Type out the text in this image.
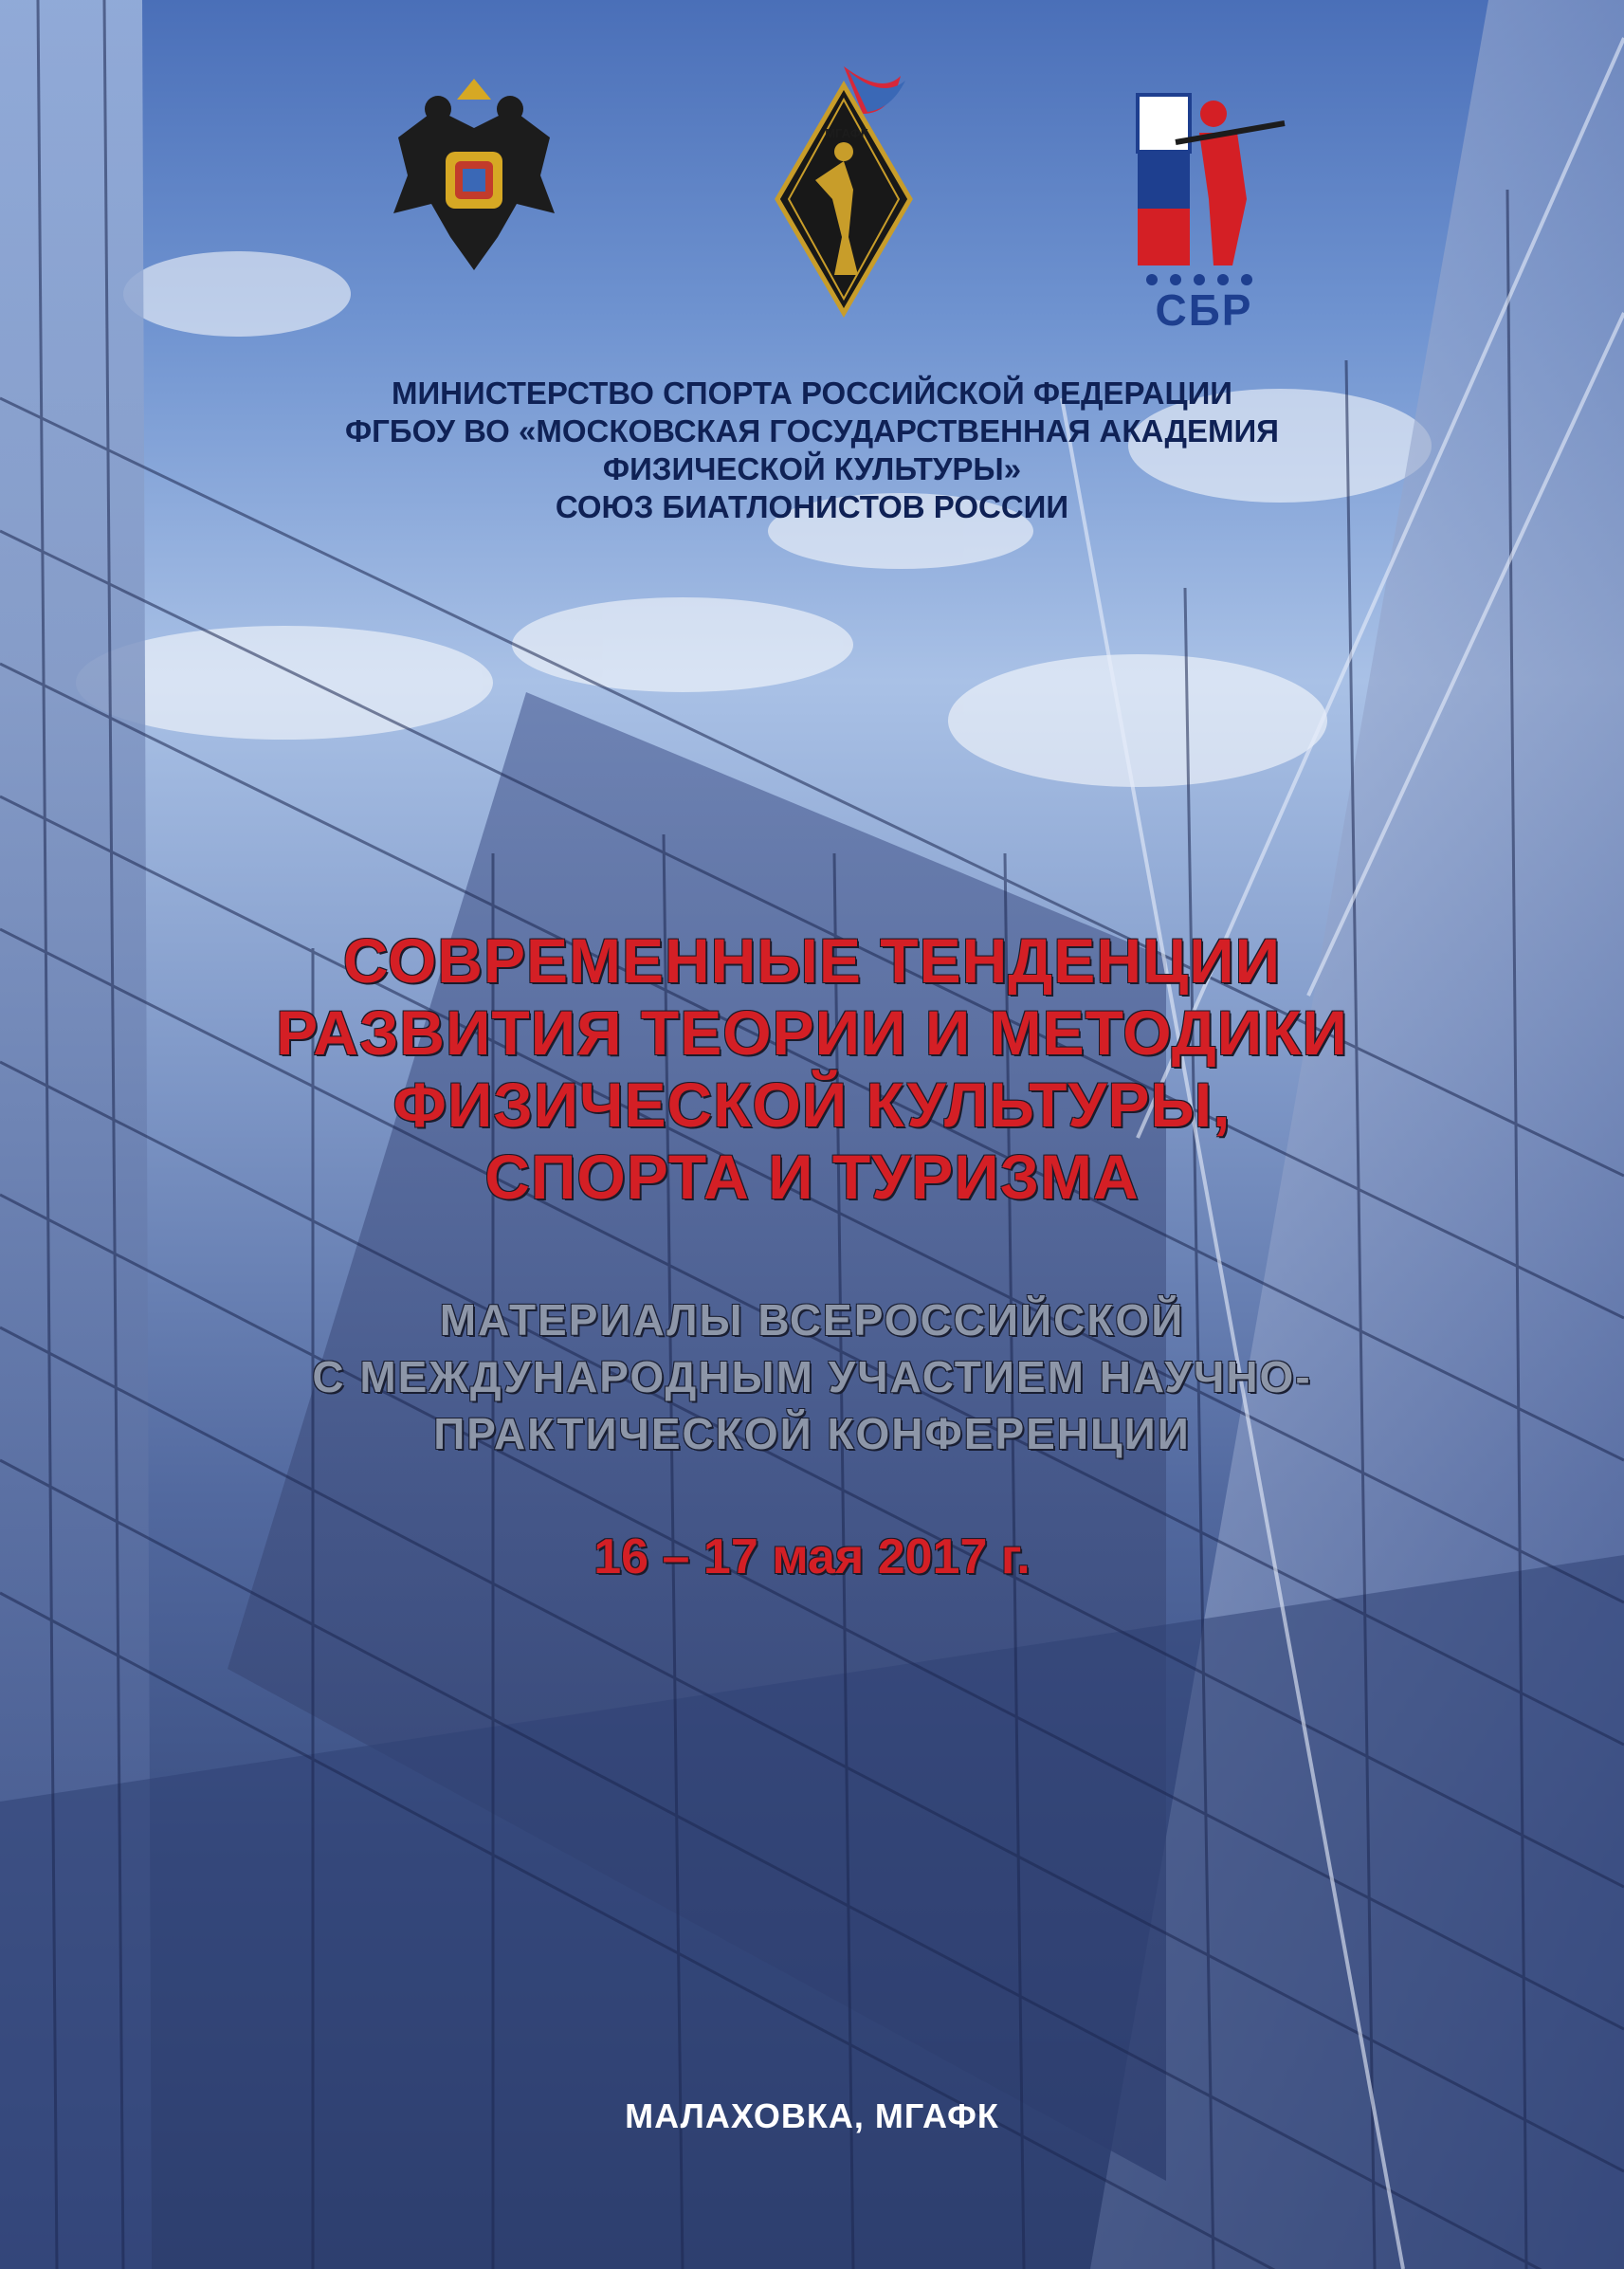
МГАФК
СБР
МИНИСТЕРСТВО СПОРТА РОССИЙСКОЙ ФЕДЕРАЦИИ
ФГБОУ ВО «МОСКОВСКАЯ ГОСУДАРСТВЕННАЯ АКАДЕМИЯ
ФИЗИЧЕСКОЙ КУЛЬТУРЫ»
СОЮЗ БИАТЛОНИСТОВ РОССИИ
СОВРЕМЕННЫЕ ТЕНДЕНЦИИ
РАЗВИТИЯ ТЕОРИИ И МЕТОДИКИ
ФИЗИЧЕСКОЙ КУЛЬТУРЫ,
СПОРТА И ТУРИЗМА
МАТЕРИАЛЫ ВСЕРОССИЙСКОЙ
С МЕЖДУНАРОДНЫМ УЧАСТИЕМ НАУЧНО-
ПРАКТИЧЕСКОЙ КОНФЕРЕНЦИИ
16 – 17 мая 2017 г.
МАЛАХОВКА, МГАФК
